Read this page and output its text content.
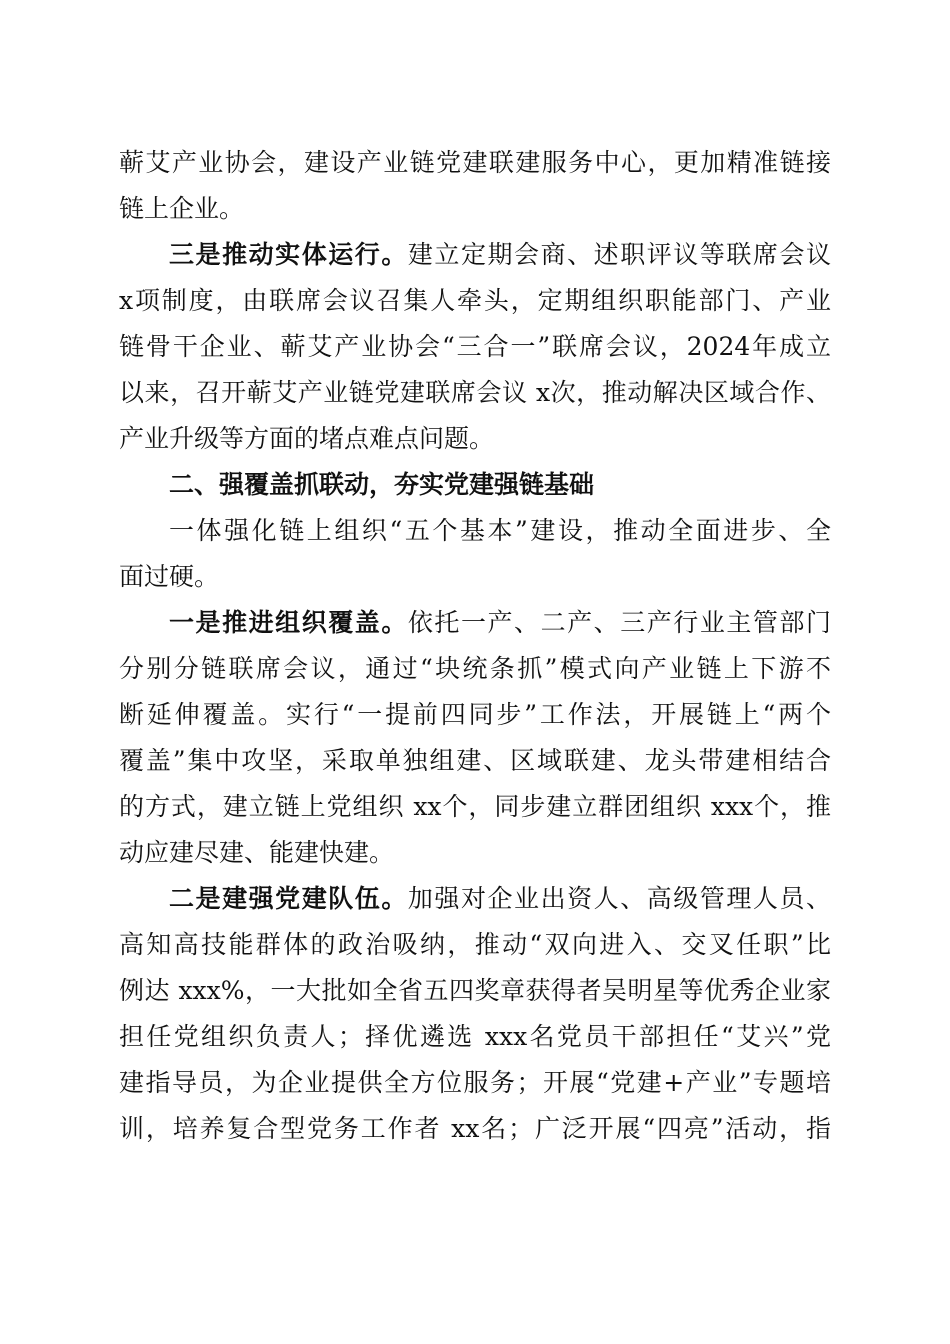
蕲艾产业协会，建设产业链党建联建服务中心，更加精准链接
链上企业。
三是推动实体运行。建立定期会商、述职评议等联席会议
x项制度，由联席会议召集人牵头，定期组织职能部门、产业
链骨干企业、蕲艾产业协会“三合一”联席会议，2024年成立
以来，召开蕲艾产业链党建联席会议 x次，推动解决区域合作、
产业升级等方面的堵点难点问题。
二、强覆盖抓联动，夯实党建强链基础
一体强化链上组织“五个基本”建设，推动全面进步、全
面过硬。
一是推进组织覆盖。依托一产、二产、三产行业主管部门
分别分链联席会议，通过“块统条抓”模式向产业链上下游不
断延伸覆盖。实行“一提前四同步”工作法，开展链上“两个
覆盖”集中攻坚，采取单独组建、区域联建、龙头带建相结合
的方式，建立链上党组织 xx个，同步建立群团组织 xxx个，推
动应建尽建、能建快建。
二是建强党建队伍。加强对企业出资人、高级管理人员、
高知高技能群体的政治吸纳，推动“双向进入、交叉任职”比
例达 xxx%，一大批如全省五四奖章获得者吴明星等优秀企业家
担任党组织负责人；择优遴选 xxx名党员干部担任“艾兴”党
建指导员，为企业提供全方位服务；开展“党建+产业”专题培
训，培养复合型党务工作者 xx名；广泛开展“四亮”活动，指
